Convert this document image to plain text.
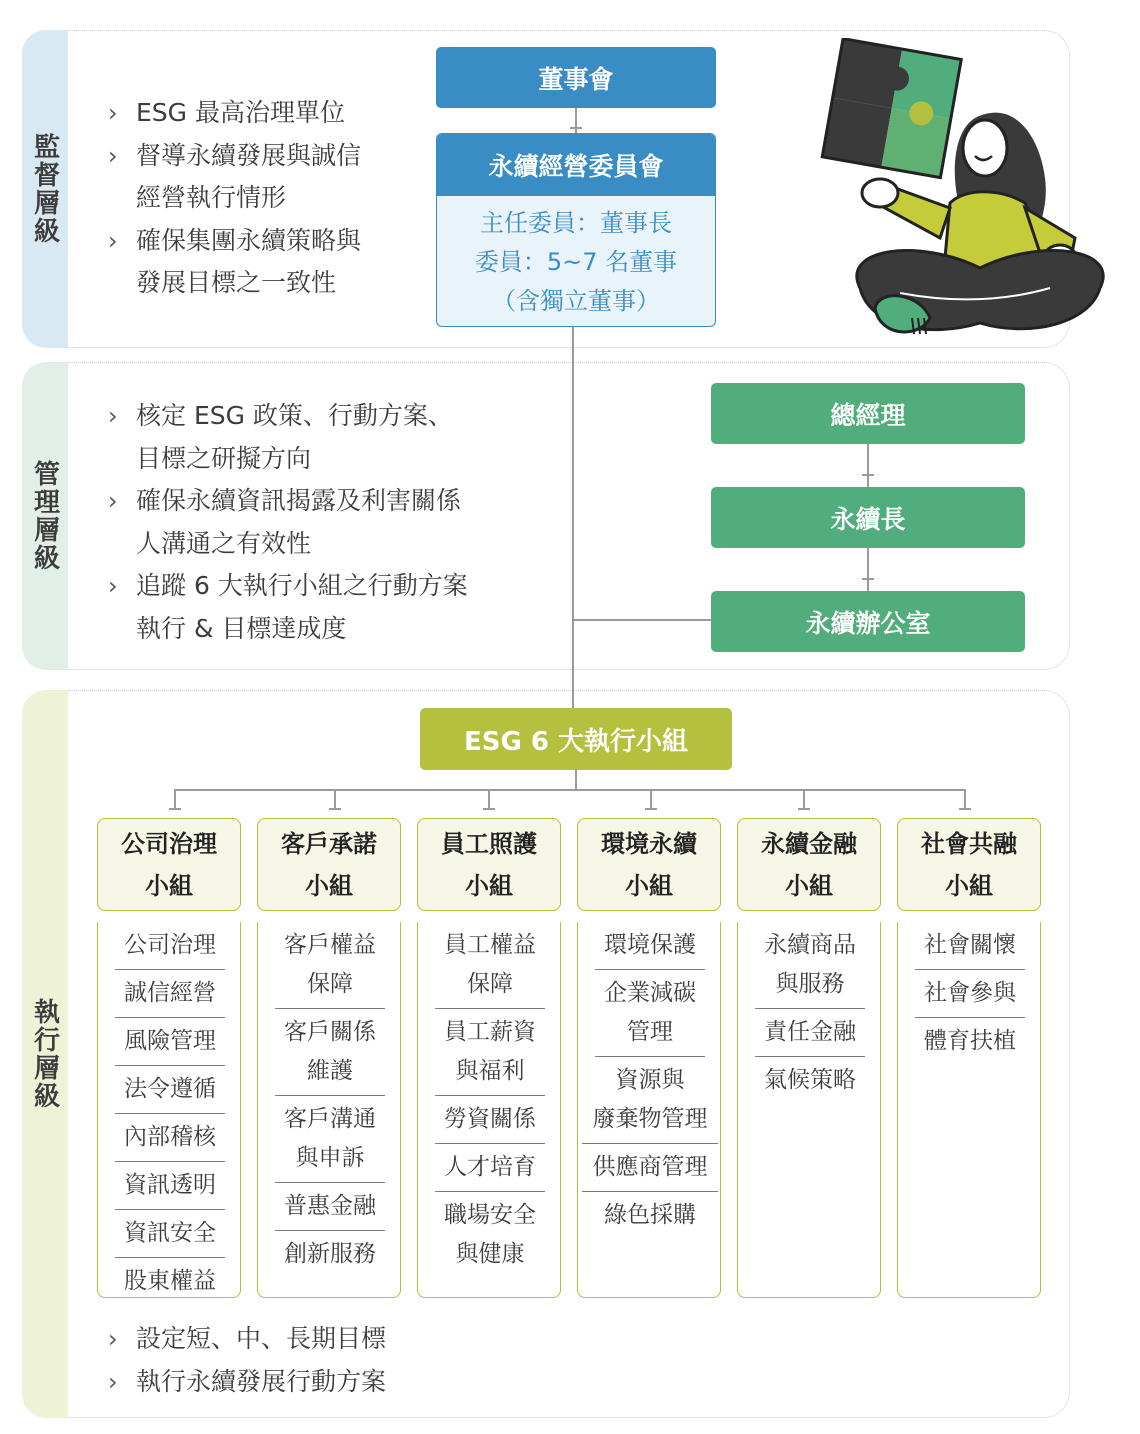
監督層級
管理層級
執行層級
› ESG 最高治理單位
› 督導永續發展與誠信
經營執行情形
› 確保集團永續策略與
發展目標之一致性
› 核定 ESG 政策、行動方案、
目標之研擬方向
› 確保永續資訊揭露及利害關係
人溝通之有效性
› 追蹤 6 大執行小組之行動方案
執行 & 目標達成度
› 設定短、中、長期目標
› 執行永續發展行動方案
董事會
永續經營委員會
主任委員：董事長
委員：5~7 名董事
（含獨立董事）
總經理
永續長
永續辦公室
ESG 6 大執行小組
公司治理
小組
公司治理
誠信經營
風險管理
法令遵循
內部稽核
資訊透明
資訊安全
股東權益
客戶承諾
小組
客戶權益
保障
客戶關係
維護
客戶溝通
與申訴
普惠金融
創新服務
員工照護
小組
員工權益
保障
員工薪資
與福利
勞資關係
人才培育
職場安全
與健康
環境永續
小組
環境保護
企業減碳
管理
資源與
廢棄物管理
供應商管理
綠色採購
永續金融
小組
永續商品
與服務
責任金融
氣候策略
社會共融
小組
社會關懷
社會參與
體育扶植
